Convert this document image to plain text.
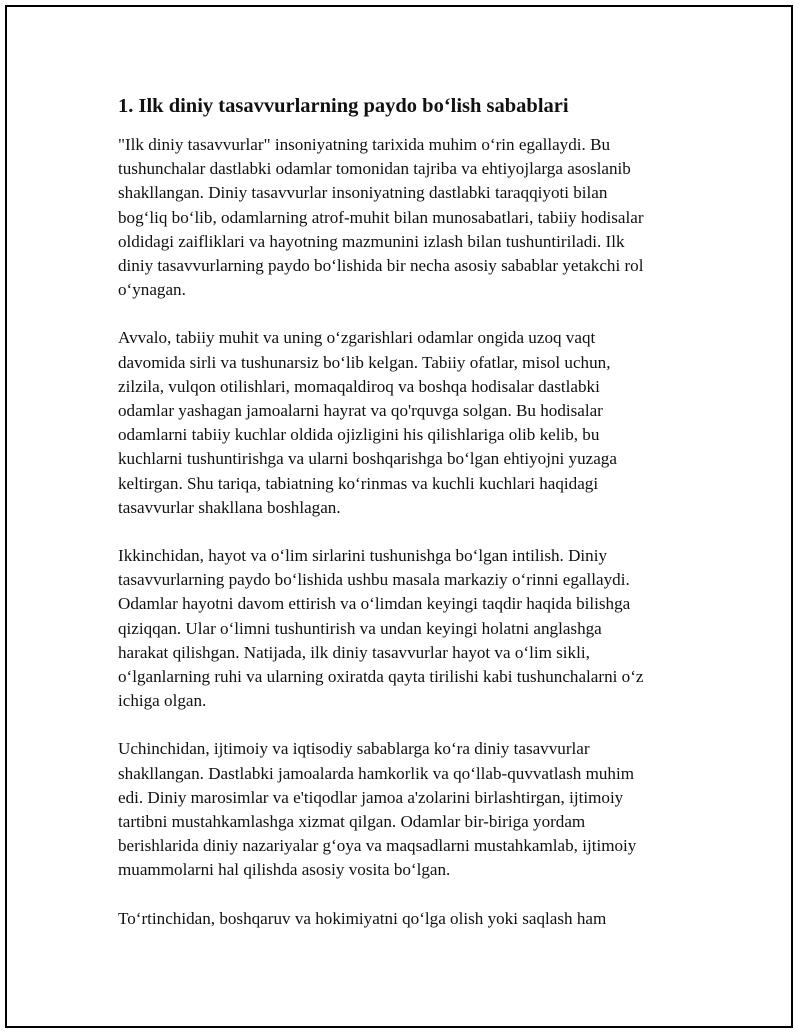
1. Ilk diniy tasavvurlarning paydo bo‘lish sabablari

"Ilk diniy tasavvurlar" insoniyatning tarixida muhim o‘rin egallaydi. Bu
tushunchalar dastlabki odamlar tomonidan tajriba va ehtiyojlarga asoslanib
shakllangan. Diniy tasavvurlar insoniyatning dastlabki taraqqiyoti bilan
bog‘liq bo‘lib, odamlarning atrof-muhit bilan munosabatlari, tabiiy hodisalar
oldidagi zaifliklari va hayotning mazmunini izlash bilan tushuntiriladi. Ilk
diniy tasavvurlarning paydo bo‘lishida bir necha asosiy sabablar yetakchi rol
o‘ynagan.

Avvalo, tabiiy muhit va uning o‘zgarishlari odamlar ongida uzoq vaqt
davomida sirli va tushunarsiz bo‘lib kelgan. Tabiiy ofatlar, misol uchun,
zilzila, vulqon otilishlari, momaqaldiroq va boshqa hodisalar dastlabki
odamlar yashagan jamoalarni hayrat va qo'rquvga solgan. Bu hodisalar
odamlarni tabiiy kuchlar oldida ojizligini his qilishlariga olib kelib, bu
kuchlarni tushuntirishga va ularni boshqarishga bo‘lgan ehtiyojni yuzaga
keltirgan. Shu tariqa, tabiatning ko‘rinmas va kuchli kuchlari haqidagi
tasavvurlar shakllana boshlagan.

Ikkinchidan, hayot va o‘lim sirlarini tushunishga bo‘lgan intilish. Diniy
tasavvurlarning paydo bo‘lishida ushbu masala markaziy o‘rinni egallaydi.
Odamlar hayotni davom ettirish va o‘limdan keyingi taqdir haqida bilishga
qiziqqan. Ular o‘limni tushuntirish va undan keyingi holatni anglashga
harakat qilishgan. Natijada, ilk diniy tasavvurlar hayot va o‘lim sikli,
o‘lganlarning ruhi va ularning oxiratda qayta tirilishi kabi tushunchalarni o‘z
ichiga olgan.

Uchinchidan, ijtimoiy va iqtisodiy sabablarga ko‘ra diniy tasavvurlar
shakllangan. Dastlabki jamoalarda hamkorlik va qo‘llab-quvvatlash muhim
edi. Diniy marosimlar va e'tiqodlar jamoa a'zolarini birlashtirgan, ijtimoiy
tartibni mustahkamlashga xizmat qilgan. Odamlar bir-biriga yordam
berishlarida diniy nazariyalar g‘oya va maqsadlarni mustahkamlab, ijtimoiy
muammolarni hal qilishda asosiy vosita bo‘lgan.

To‘rtinchidan, boshqaruv va hokimiyatni qo‘lga olish yoki saqlash ham
